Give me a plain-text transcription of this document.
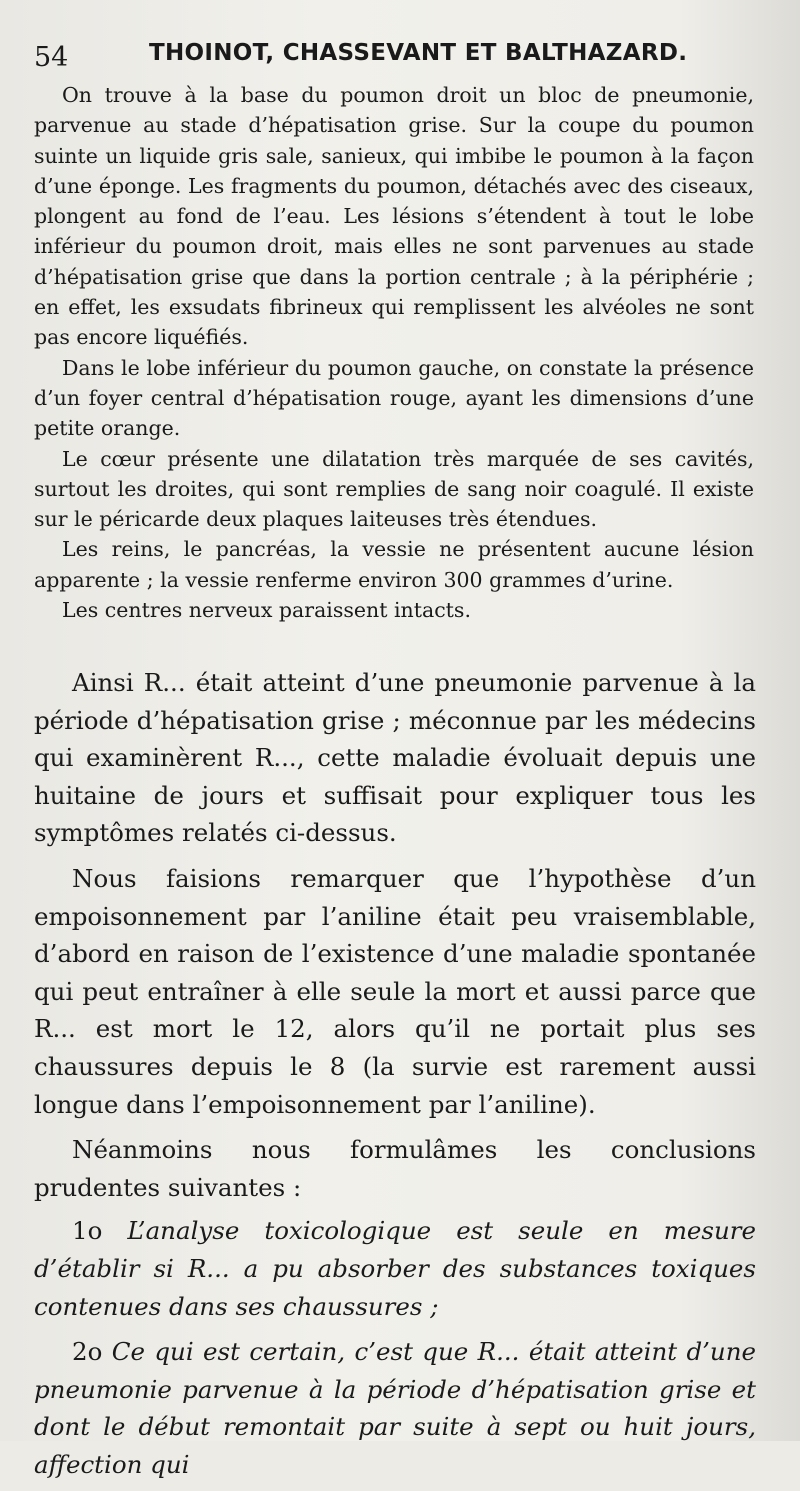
54	THOINOT, CHASSEVANT ET BALTHAZARD.

On trouve à la base du poumon droit un bloc de pneumonie, parvenue au stade d’hépatisation grise. Sur la coupe du poumon suinte un liquide gris sale, sanieux, qui imbibe le poumon à la façon d’une éponge. Les fragments du poumon, détachés avec des ciseaux, plongent au fond de l’eau. Les lésions s’étendent à tout le lobe inférieur du poumon droit, mais elles ne sont parvenues au stade d’hépatisation grise que dans la portion centrale ; à la périphérie ; en effet, les exsudats fibrineux qui remplissent les alvéoles ne sont pas encore liquéfiés.

Dans le lobe inférieur du poumon gauche, on constate la présence d’un foyer central d’hépatisation rouge, ayant les dimensions d’une petite orange.

Le cœur présente une dilatation très marquée de ses cavités, surtout les droites, qui sont remplies de sang noir coagulé. Il existe sur le péricarde deux plaques laiteuses très étendues.

Les reins, le pancréas, la vessie ne présentent aucune lésion apparente ; la vessie renferme environ 300 grammes d’urine.

Les centres nerveux paraissent intacts.

Ainsi R... était atteint d’une pneumonie parvenue à la période d’hépatisation grise ; méconnue par les médecins qui examinèrent R..., cette maladie évoluait depuis une huitaine de jours et suffisait pour expliquer tous les symptômes relatés ci-dessus.

Nous faisions remarquer que l’hypothèse d’un empoisonnement par l’aniline était peu vraisemblable, d’abord en raison de l’existence d’une maladie spontanée qui peut entraîner à elle seule la mort et aussi parce que R... est mort le 12, alors qu’il ne portait plus ses chaussures depuis le 8 (la survie est rarement aussi longue dans l’empoisonnement par l’aniline).

Néanmoins nous formulâmes les conclusions prudentes suivantes :

1o L’analyse toxicologique est seule en mesure d’établir si R... a pu absorber des substances toxiques contenues dans ses chaussures ;

2o Ce qui est certain, c’est que R... était atteint d’une pneumonie parvenue à la période d’hépatisation grise et dont le début remontait par suite à sept ou huit jours, affection qui
